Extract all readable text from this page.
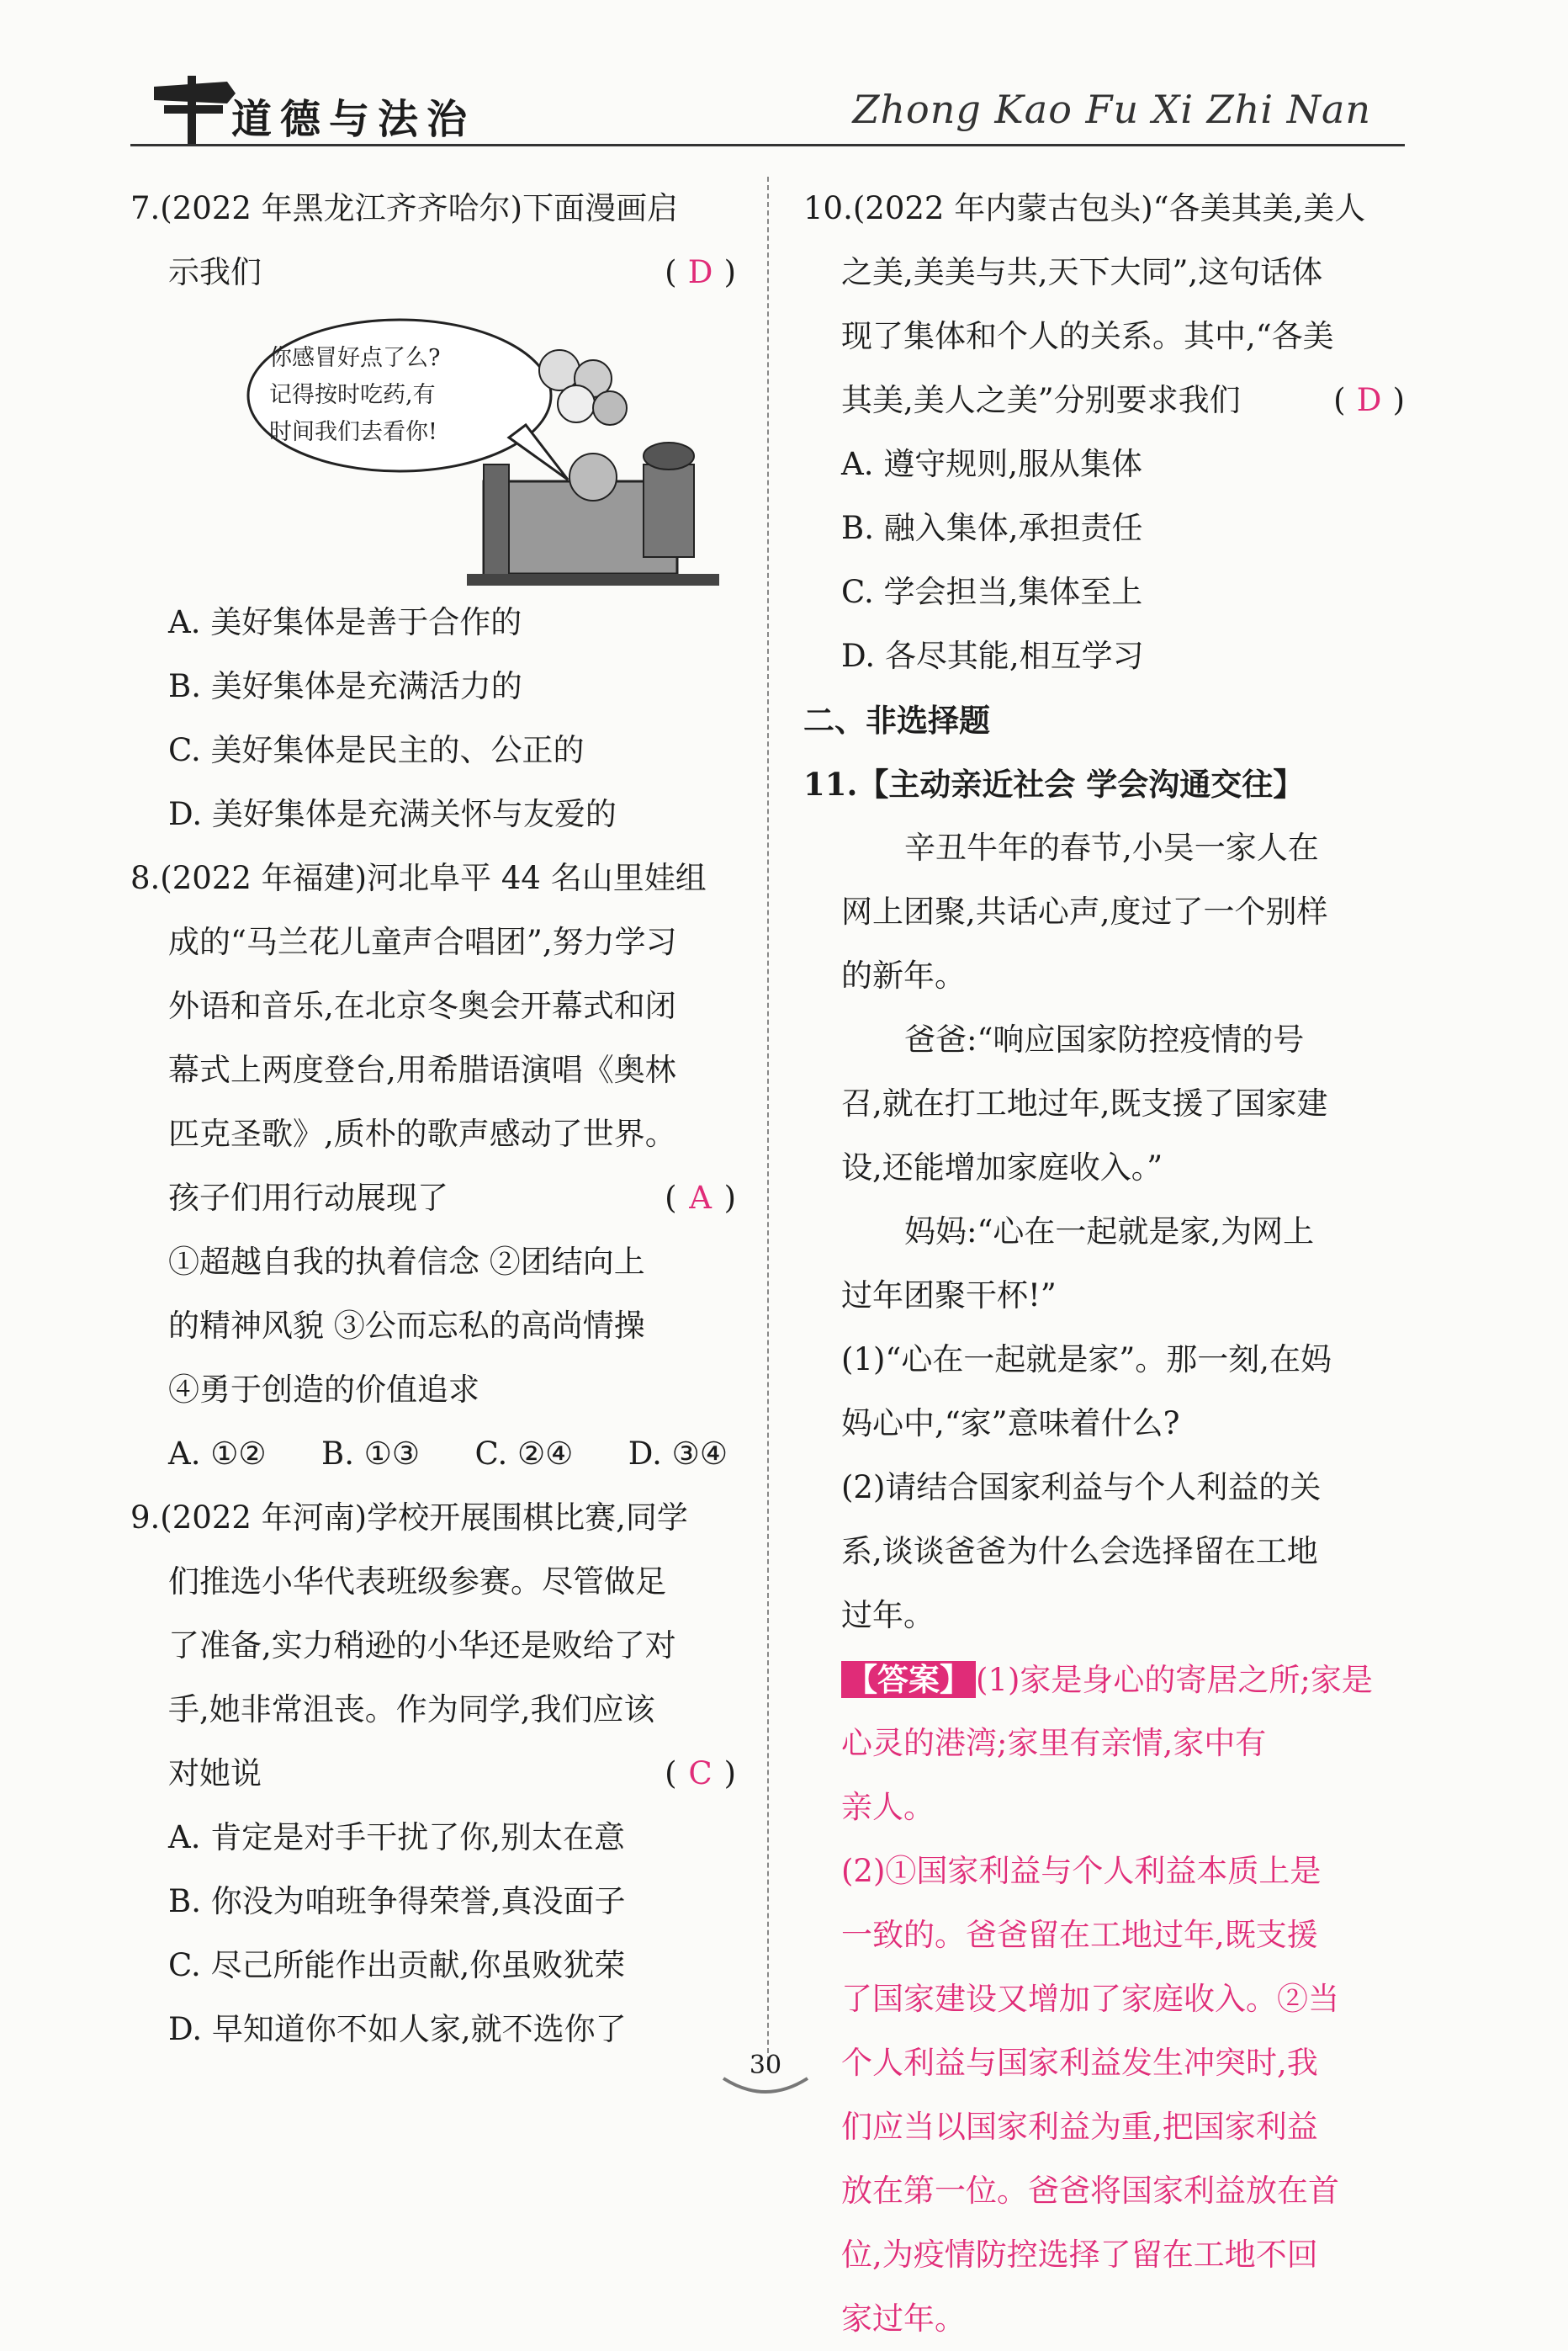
道德与法治	Zhong Kao Fu Xi Zhi Nan
7.(2022 年黑龙江齐齐哈尔)下面漫画启
示我们	( D )
你感冒好点了么?
记得按时吃药,有
时间我们去看你!
A. 美好集体是善于合作的
B. 美好集体是充满活力的
C. 美好集体是民主的、公正的
D. 美好集体是充满关怀与友爱的
8.(2022 年福建)河北阜平 44 名山里娃组
成的“马兰花儿童声合唱团”,努力学习
外语和音乐,在北京冬奥会开幕式和闭
幕式上两度登台,用希腊语演唱《奥林
匹克圣歌》,质朴的歌声感动了世界。
孩子们用行动展现了	( A )
①超越自我的执着信念 ②团结向上
的精神风貌 ③公而忘私的高尚情操
④勇于创造的价值追求
A. ①② B. ①③ C. ②④ D. ③④
9.(2022 年河南)学校开展围棋比赛,同学
们推选小华代表班级参赛。尽管做足
了准备,实力稍逊的小华还是败给了对
手,她非常沮丧。作为同学,我们应该
对她说	( C )
A. 肯定是对手干扰了你,别太在意
B. 你没为咱班争得荣誉,真没面子
C. 尽己所能作出贡献,你虽败犹荣
D. 早知道你不如人家,就不选你了
10.(2022 年内蒙古包头)“各美其美,美人
之美,美美与共,天下大同”,这句话体
现了集体和个人的关系。其中,“各美
其美,美人之美”分别要求我们	( D )
A. 遵守规则,服从集体
B. 融入集体,承担责任
C. 学会担当,集体至上
D. 各尽其能,相互学习
二、非选择题
11.【主动亲近社会 学会沟通交往】
辛丑牛年的春节,小吴一家人在
网上团聚,共话心声,度过了一个别样
的新年。
爸爸:“响应国家防控疫情的号
召,就在打工地过年,既支援了国家建
设,还能增加家庭收入。”
妈妈:“心在一起就是家,为网上
过年团聚干杯!”
(1)“心在一起就是家”。那一刻,在妈
妈心中,“家”意味着什么?
(2)请结合国家利益与个人利益的关
系,谈谈爸爸为什么会选择留在工地
过年。
【答案】 (1)家是身心的寄居之所;家是
心灵的港湾;家里有亲情,家中有
亲人。
(2)①国家利益与个人利益本质上是
一致的。爸爸留在工地过年,既支援
了国家建设又增加了家庭收入。②当
个人利益与国家利益发生冲突时,我
们应当以国家利益为重,把国家利益
放在第一位。爸爸将国家利益放在首
位,为疫情防控选择了留在工地不回
家过年。
30
